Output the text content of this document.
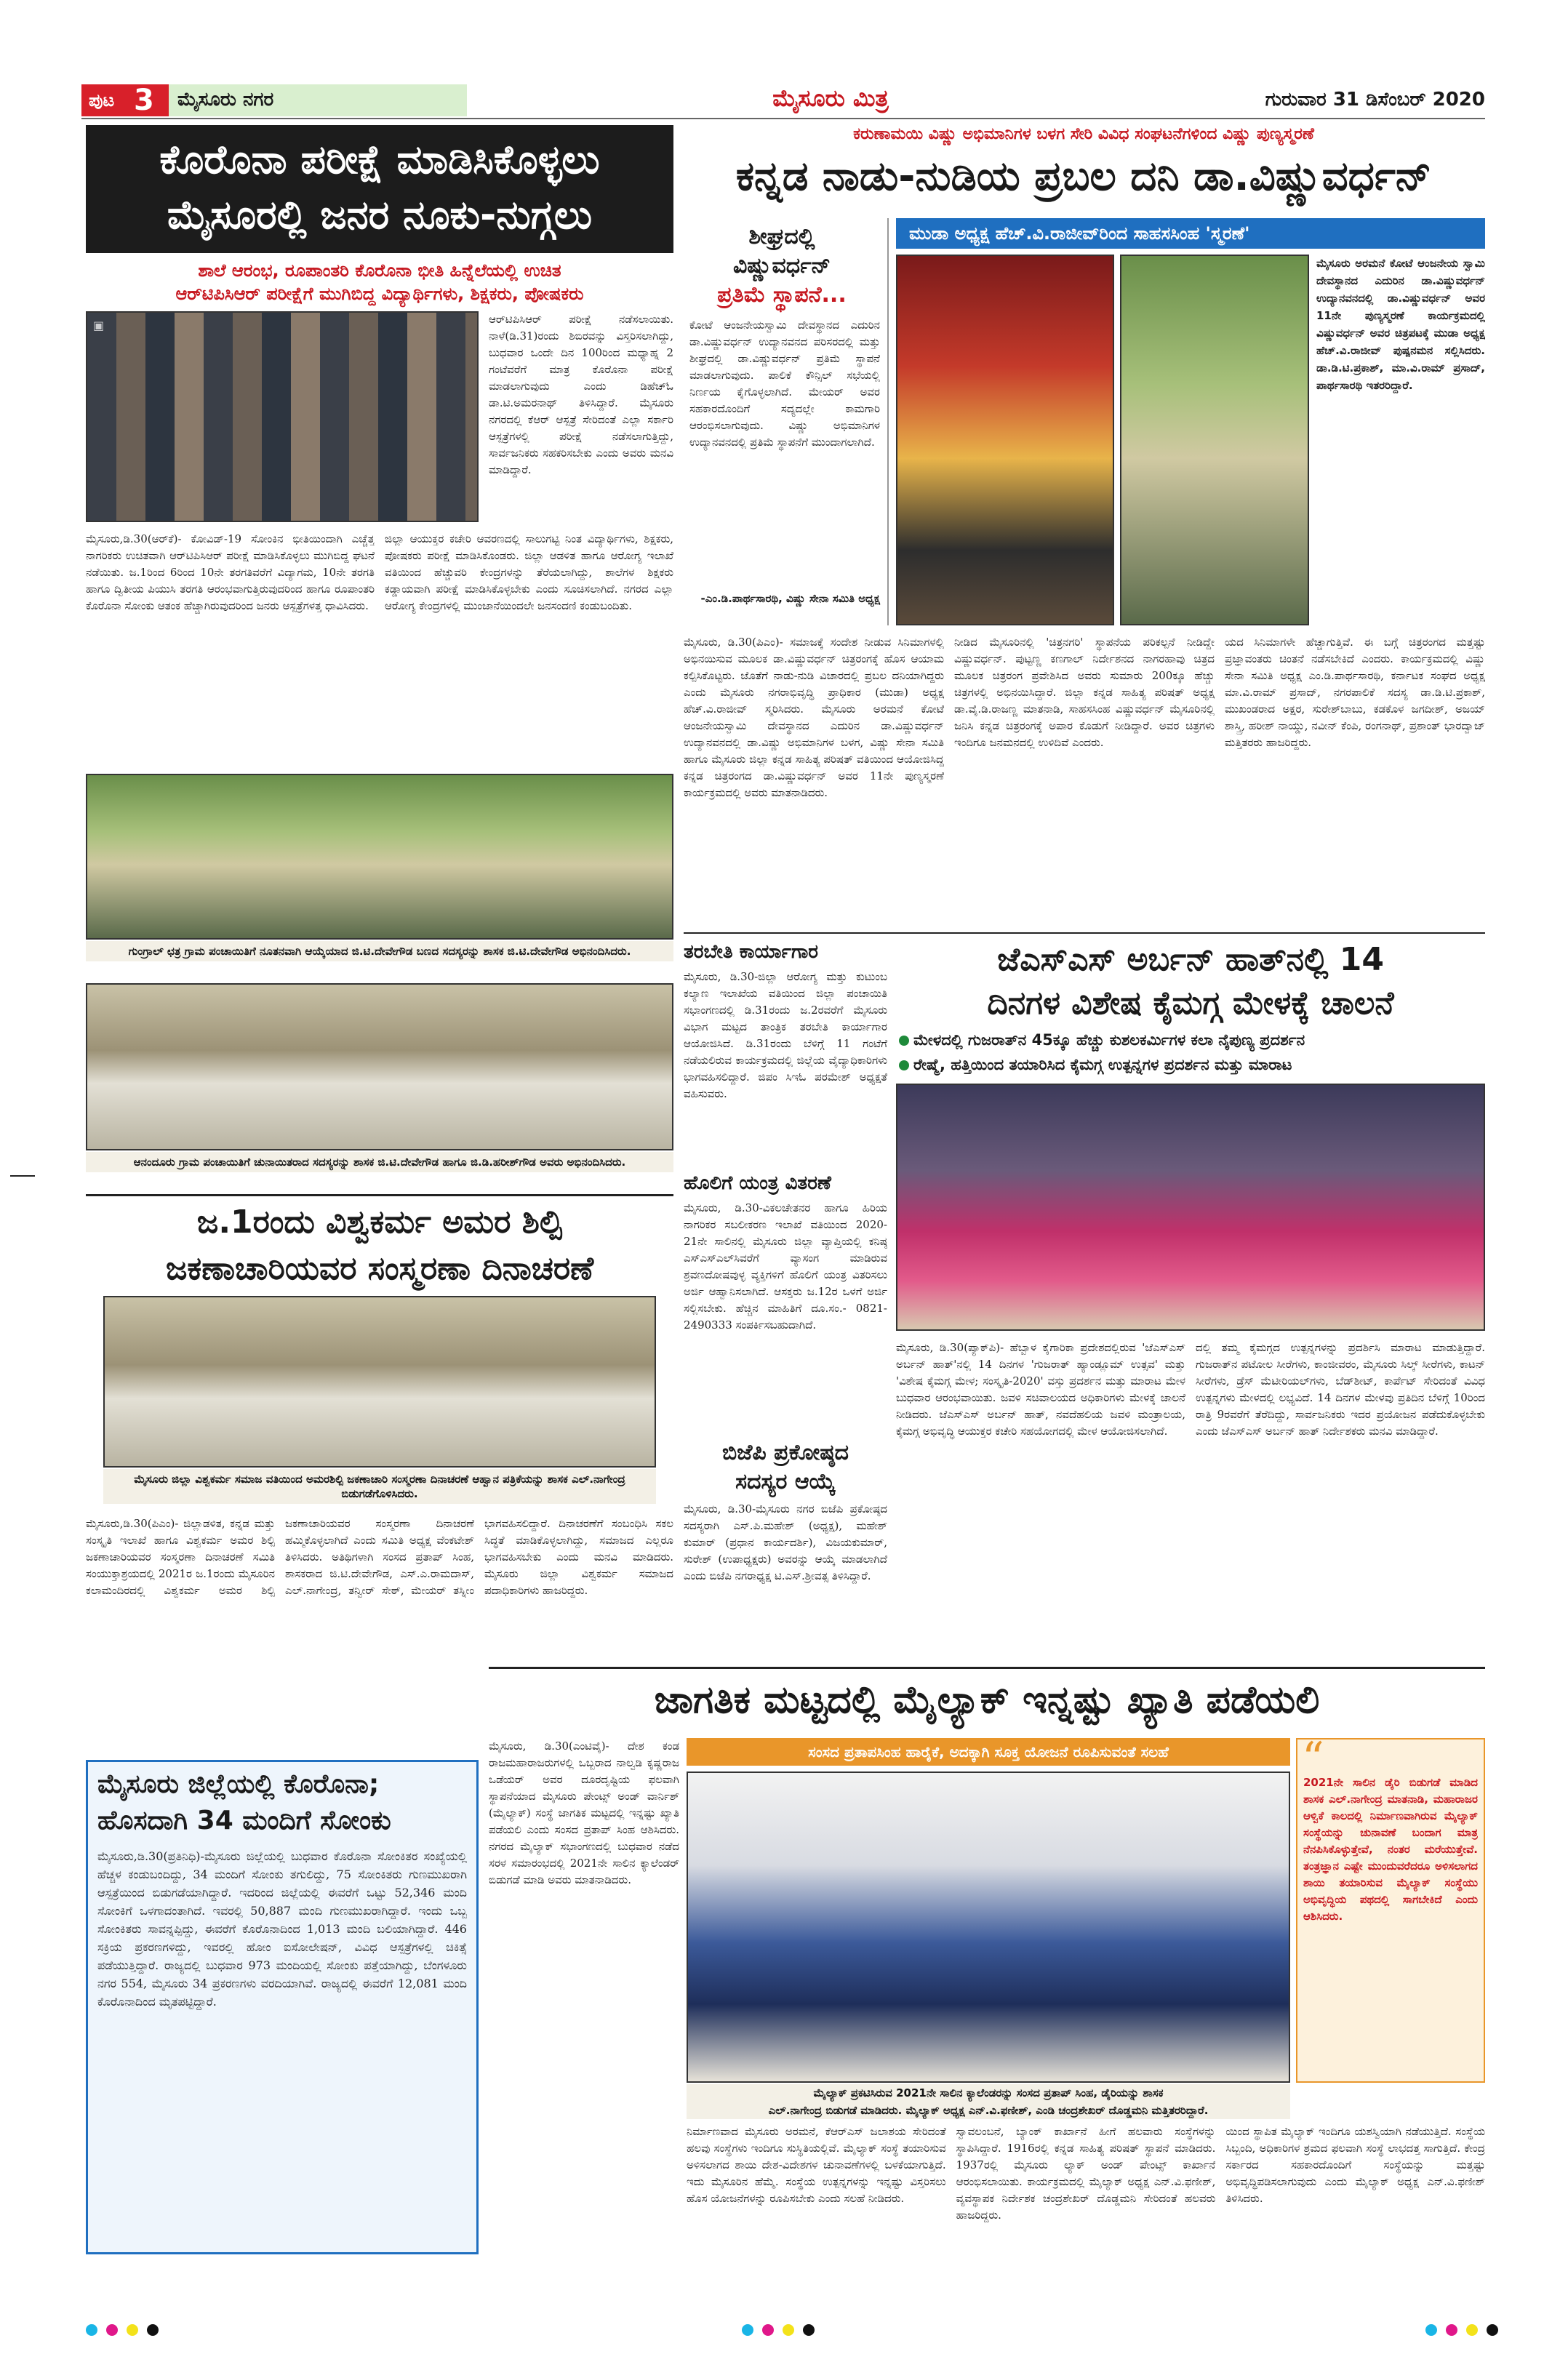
ಪುಟ 3 ಮೈಸೂರು ನಗರ	ಮೈಸೂರು ಮಿತ್ರ	ಗುರುವಾರ 31 ಡಿಸೆಂಬರ್ 2020
ಕೊರೊನಾ ಪರೀಕ್ಷೆ ಮಾಡಿಸಿಕೊಳ್ಳಲು
ಮೈಸೂರಲ್ಲಿ ಜನರ ನೂಕು-ನುಗ್ಗಲು
ಶಾಲೆ ಆರಂಭ, ರೂಪಾಂತರಿ ಕೊರೊನಾ ಭೀತಿ ಹಿನ್ನೆಲೆಯಲ್ಲಿ ಉಚಿತ
ಆರ್‌ಟಿಪಿಸಿಆರ್ ಪರೀಕ್ಷೆಗೆ ಮುಗಿಬಿದ್ದ ವಿದ್ಯಾರ್ಥಿಗಳು, ಶಿಕ್ಷಕರು, ಪೋಷಕರು
▣	ಆರ್‌ಟಿಪಿಸಿಆರ್ ಪರೀಕ್ಷೆ ನಡೆಸಲಾಯಿತು. ನಾಳೆ(ಡಿ.31)ರಂದು ಶಿಬಿರವನ್ನು ವಿಸ್ತರಿಸಲಾಗಿದ್ದು, ಬುಧವಾರ ಒಂದೇ ದಿನ 100ರಿಂದ ಮಧ್ಯಾಹ್ನ 2 ಗಂಟೆವರೆಗೆ ಮಾತ್ರ ಕೊರೊನಾ ಪರೀಕ್ಷೆ ಮಾಡಲಾಗುವುದು ಎಂದು ಡಿಹೆಚ್‌ಓ ಡಾ.ಟಿ.ಅಮರನಾಥ್ ತಿಳಿಸಿದ್ದಾರೆ. ಮೈಸೂರು ನಗರದಲ್ಲಿ ಕೆಆರ್ ಆಸ್ಪತ್ರೆ ಸೇರಿದಂತೆ ಎಲ್ಲಾ ಸರ್ಕಾರಿ ಆಸ್ಪತ್ರೆಗಳಲ್ಲಿ ಪರೀಕ್ಷೆ ನಡೆಸಲಾಗುತ್ತಿದ್ದು, ಸಾರ್ವಜನಿಕರು ಸಹಕರಿಸಬೇಕು ಎಂದು ಅವರು ಮನವಿ ಮಾಡಿದ್ದಾರೆ.

ಮೈಸೂರು,ಡಿ.30(ಆರ್‌ಕೆ)- ಕೋವಿಡ್-19 ಸೋಂಕಿನ ಭೀತಿಯಿಂದಾಗಿ ಎಚ್ಚೆತ್ತ ನಾಗರಿಕರು ಉಚಿತವಾಗಿ ಆರ್‌ಟಿಪಿಸಿಆರ್ ಪರೀಕ್ಷೆ ಮಾಡಿಸಿಕೊಳ್ಳಲು ಮುಗಿಬಿದ್ದ ಘಟನೆ ನಡೆಯಿತು. ಜ.1ರಿಂದ 6ರಿಂದ 10ನೇ ತರಗತಿವರೆಗೆ ವಿದ್ಯಾಗಮ, 10ನೇ ತರಗತಿ ಹಾಗೂ ದ್ವಿತೀಯ ಪಿಯುಸಿ ತರಗತಿ ಆರಂಭವಾಗುತ್ತಿರುವುದರಿಂದ ಹಾಗೂ ರೂಪಾಂತರಿ ಕೊರೊನಾ ಸೋಂಕು ಆತಂಕ ಹೆಚ್ಚಾಗಿರುವುದರಿಂದ ಜನರು ಆಸ್ಪತ್ರೆಗಳತ್ತ ಧಾವಿಸಿದರು.

ಜಿಲ್ಲಾ ಆಯುಕ್ತರ ಕಚೇರಿ ಆವರಣದಲ್ಲಿ ಸಾಲುಗಟ್ಟಿ ನಿಂತ ವಿದ್ಯಾರ್ಥಿಗಳು, ಶಿಕ್ಷಕರು, ಪೋಷಕರು ಪರೀಕ್ಷೆ ಮಾಡಿಸಿಕೊಂಡರು. ಜಿಲ್ಲಾ ಆಡಳಿತ ಹಾಗೂ ಆರೋಗ್ಯ ಇಲಾಖೆ ವತಿಯಿಂದ ಹೆಚ್ಚುವರಿ ಕೇಂದ್ರಗಳನ್ನು ತೆರೆಯಲಾಗಿದ್ದು, ಶಾಲೆಗಳ ಶಿಕ್ಷಕರು ಕಡ್ಡಾಯವಾಗಿ ಪರೀಕ್ಷೆ ಮಾಡಿಸಿಕೊಳ್ಳಬೇಕು ಎಂದು ಸೂಚಿಸಲಾಗಿದೆ. ನಗರದ ಎಲ್ಲಾ ಆರೋಗ್ಯ ಕೇಂದ್ರಗಳಲ್ಲಿ ಮುಂಜಾನೆಯಿಂದಲೇ ಜನಸಂದಣಿ ಕಂಡುಬಂದಿತು.

ಗುಂಗ್ರಾಲ್ ಛತ್ರ ಗ್ರಾಮ ಪಂಚಾಯಿತಿಗೆ ನೂತನವಾಗಿ ಆಯ್ಕೆಯಾದ ಜಿ.ಟಿ.ದೇವೇಗೌಡ ಬಣದ ಸದಸ್ಯರನ್ನು ಶಾಸಕ ಜಿ.ಟಿ.ದೇವೇಗೌಡ ಅಭಿನಂದಿಸಿದರು.
ಆನಂದೂರು ಗ್ರಾಮ ಪಂಚಾಯಿತಿಗೆ ಚುನಾಯಿತರಾದ ಸದಸ್ಯರನ್ನು ಶಾಸಕ ಜಿ.ಟಿ.ದೇವೇಗೌಡ ಹಾಗೂ ಜಿ.ಡಿ.ಹರೀಶ್‌ಗೌಡ ಅವರು ಅಭಿನಂದಿಸಿದರು.
ಜ.1ರಂದು ವಿಶ್ವಕರ್ಮ ಅಮರ ಶಿಲ್ಪಿ
ಜಕಣಾಚಾರಿಯವರ ಸಂಸ್ಮರಣಾ ದಿನಾಚರಣೆ
ಮೈಸೂರು ಜಿಲ್ಲಾ ವಿಶ್ವಕರ್ಮ ಸಮಾಜ ವತಿಯಿಂದ ಅಮರಶಿಲ್ಪಿ ಜಕಣಾಚಾರಿ ಸಂಸ್ಮರಣಾ ದಿನಾಚರಣೆ ಆಹ್ವಾನ ಪತ್ರಿಕೆಯನ್ನು ಶಾಸಕ ಎಲ್.ನಾಗೇಂದ್ರ ಬಿಡುಗಡೆಗೊಳಿಸಿದರು.

ಮೈಸೂರು,ಡಿ.30(ಪಿಎಂ)- ಜಿಲ್ಲಾಡಳಿತ, ಕನ್ನಡ ಮತ್ತು ಸಂಸ್ಕೃತಿ ಇಲಾಖೆ ಹಾಗೂ ವಿಶ್ವಕರ್ಮ ಅಮರ ಶಿಲ್ಪಿ ಜಕಣಾಚಾರಿಯವರ ಸಂಸ್ಮರಣಾ ದಿನಾಚರಣೆ ಸಮಿತಿ ಸಂಯುಕ್ತಾಶ್ರಯದಲ್ಲಿ 2021ರ ಜ.1ರಂದು ಮೈಸೂರಿನ ಕಲಾಮಂದಿರದಲ್ಲಿ ವಿಶ್ವಕರ್ಮ ಅಮರ ಶಿಲ್ಪಿ ಜಕಣಾಚಾರಿಯವರ ಸಂಸ್ಮರಣಾ ದಿನಾಚರಣೆ ಹಮ್ಮಿಕೊಳ್ಳಲಾಗಿದೆ ಎಂದು ಸಮಿತಿ ಅಧ್ಯಕ್ಷ ವೆಂಕಟೇಶ್ ತಿಳಿಸಿದರು. ಅತಿಥಿಗಳಾಗಿ ಸಂಸದ ಪ್ರತಾಪ್ ಸಿಂಹ, ಶಾಸಕರಾದ ಜಿ.ಟಿ.ದೇವೇಗೌಡ, ಎಸ್.ಎ.ರಾಮದಾಸ್, ಎಲ್.ನಾಗೇಂದ್ರ, ತನ್ವೀರ್ ಸೇಠ್, ಮೇಯರ್ ತಸ್ನೀಂ ಭಾಗವಹಿಸಲಿದ್ದಾರೆ. ದಿನಾಚರಣೆಗೆ ಸಂಬಂಧಿಸಿ ಸಕಲ ಸಿದ್ಧತೆ ಮಾಡಿಕೊಳ್ಳಲಾಗಿದ್ದು, ಸಮಾಜದ ಎಲ್ಲರೂ ಭಾಗವಹಿಸಬೇಕು ಎಂದು ಮನವಿ ಮಾಡಿದರು. ಮೈಸೂರು ಜಿಲ್ಲಾ ವಿಶ್ವಕರ್ಮ ಸಮಾಜದ ಪದಾಧಿಕಾರಿಗಳು ಹಾಜರಿದ್ದರು.

ಮೈಸೂರು ಜಿಲ್ಲೆಯಲ್ಲಿ ಕೊರೊನಾ;
ಹೊಸದಾಗಿ 34 ಮಂದಿಗೆ ಸೋಂಕು

ಮೈಸೂರು,ಡಿ.30(ಪ್ರತಿನಿಧಿ)-ಮೈಸೂರು ಜಿಲ್ಲೆಯಲ್ಲಿ ಬುಧವಾರ ಕೊರೊನಾ ಸೋಂಕಿತರ ಸಂಖ್ಯೆಯಲ್ಲಿ ಹೆಚ್ಚಳ ಕಂಡುಬಂದಿದ್ದು, 34 ಮಂದಿಗೆ ಸೋಂಕು ತಗುಲಿದ್ದು, 75 ಸೋಂಕಿತರು ಗುಣಮುಖರಾಗಿ ಆಸ್ಪತ್ರೆಯಿಂದ ಬಿಡುಗಡೆಯಾಗಿದ್ದಾರೆ. ಇದರಿಂದ ಜಿಲ್ಲೆಯಲ್ಲಿ ಈವರೆಗೆ ಒಟ್ಟು 52,346 ಮಂದಿ ಸೋಂಕಿಗೆ ಒಳಗಾದಂತಾಗಿದೆ. ಇವರಲ್ಲಿ 50,887 ಮಂದಿ ಗುಣಮುಖರಾಗಿದ್ದಾರೆ. ಇಂದು ಒಬ್ಬ ಸೋಂಕಿತರು ಸಾವನ್ನಪ್ಪಿದ್ದು, ಈವರೆಗೆ ಕೊರೊನಾದಿಂದ 1,013 ಮಂದಿ ಬಲಿಯಾಗಿದ್ದಾರೆ. 446 ಸಕ್ರಿಯ ಪ್ರಕರಣಗಳಿದ್ದು, ಇವರಲ್ಲಿ ಹೋಂ ಐಸೋಲೇಷನ್, ವಿವಿಧ ಆಸ್ಪತ್ರೆಗಳಲ್ಲಿ ಚಿಕಿತ್ಸೆ ಪಡೆಯುತ್ತಿದ್ದಾರೆ. ರಾಜ್ಯದಲ್ಲಿ ಬುಧವಾರ 973 ಮಂದಿಯಲ್ಲಿ ಸೋಂಕು ಪತ್ತೆಯಾಗಿದ್ದು, ಬೆಂಗಳೂರು ನಗರ 554, ಮೈಸೂರು 34 ಪ್ರಕರಣಗಳು ವರದಿಯಾಗಿವೆ. ರಾಜ್ಯದಲ್ಲಿ ಈವರೆಗೆ 12,081 ಮಂದಿ ಕೊರೊನಾದಿಂದ ಮೃತಪಟ್ಟಿದ್ದಾರೆ.

ಕರುಣಾಮಯಿ ವಿಷ್ಣು ಅಭಿಮಾನಿಗಳ ಬಳಗ ಸೇರಿ ವಿವಿಧ ಸಂಘಟನೆಗಳಿಂದ ವಿಷ್ಣು ಪುಣ್ಯಸ್ಮರಣೆ
ಕನ್ನಡ ನಾಡು-ನುಡಿಯ ಪ್ರಬಲ ದನಿ ಡಾ.ವಿಷ್ಣುವರ್ಧನ್
ಶೀಘ್ರದಲ್ಲಿ
ವಿಷ್ಣುವರ್ಧನ್
ಪ್ರತಿಮೆ ಸ್ಥಾಪನೆ...

ಕೋಟೆ ಆಂಜನೇಯಸ್ವಾಮಿ ದೇವಸ್ಥಾನದ ಎದುರಿನ ಡಾ.ವಿಷ್ಣುವರ್ಧನ್ ಉದ್ಯಾನವನದ ಪರಿಸರದಲ್ಲಿ ಮತ್ತು ಶೀಘ್ರದಲ್ಲಿ ಡಾ.ವಿಷ್ಣುವರ್ಧನ್ ಪ್ರತಿಮೆ ಸ್ಥಾಪನೆ ಮಾಡಲಾಗುವುದು. ಪಾಲಿಕೆ ಕೌನ್ಸಿಲ್ ಸಭೆಯಲ್ಲಿ ನಿರ್ಣಯ ಕೈಗೊಳ್ಳಲಾಗಿದೆ. ಮೇಯರ್ ಅವರ ಸಹಕಾರದೊಂದಿಗೆ ಸದ್ಯದಲ್ಲೇ ಕಾಮಗಾರಿ ಆರಂಭಿಸಲಾಗುವುದು. ವಿಷ್ಣು ಅಭಿಮಾನಿಗಳ ಉದ್ಯಾನವನದಲ್ಲಿ ಪ್ರತಿಮೆ ಸ್ಥಾಪನೆಗೆ ಮುಂದಾಗಲಾಗಿದೆ.

-ಎಂ.ಡಿ.ಪಾರ್ಥಸಾರಥಿ, ವಿಷ್ಣು ಸೇನಾ ಸಮಿತಿ ಅಧ್ಯಕ್ಷ
ಮುಡಾ ಅಧ್ಯಕ್ಷ ಹೆಚ್.ವಿ.ರಾಜೀವ್‌ರಿಂದ ಸಾಹಸಸಿಂಹ 'ಸ್ಮರಣೆ'

ಮೈಸೂರು ಅರಮನೆ ಕೋಟೆ ಆಂಜನೇಯ ಸ್ವಾಮಿ ದೇವಸ್ಥಾನದ ಎದುರಿನ ಡಾ.ವಿಷ್ಣುವರ್ಧನ್ ಉದ್ಯಾನವನದಲ್ಲಿ ಡಾ.ವಿಷ್ಣುವರ್ಧನ್ ಅವರ 11ನೇ ಪುಣ್ಯಸ್ಮರಣೆ ಕಾರ್ಯಕ್ರಮದಲ್ಲಿ ವಿಷ್ಣುವರ್ಧನ್ ಅವರ ಚಿತ್ರಪಟಕ್ಕೆ ಮುಡಾ ಅಧ್ಯಕ್ಷ ಹೆಚ್.ವಿ.ರಾಜೀವ್ ಪುಷ್ಪನಮನ ಸಲ್ಲಿಸಿದರು. ಡಾ.ಡಿ.ಟಿ.ಪ್ರಕಾಶ್, ಮಾ.ವಿ.ರಾಮ್ ಪ್ರಸಾದ್, ಪಾರ್ಥಸಾರಥಿ ಇತರರಿದ್ದಾರೆ.

ಮೈಸೂರು, ಡಿ.30(ಪಿಎಂ)- ಸಮಾಜಕ್ಕೆ ಸಂದೇಶ ನೀಡುವ ಸಿನಿಮಾಗಳಲ್ಲಿ ಅಭಿನಯಿಸುವ ಮೂಲಕ ಡಾ.ವಿಷ್ಣುವರ್ಧನ್ ಚಿತ್ರರಂಗಕ್ಕೆ ಹೊಸ ಆಯಾಮ ಕಲ್ಪಿಸಿಕೊಟ್ಟರು. ಜೊತೆಗೆ ನಾಡು-ನುಡಿ ವಿಚಾರದಲ್ಲಿ ಪ್ರಬಲ ದನಿಯಾಗಿದ್ದರು ಎಂದು ಮೈಸೂರು ನಗರಾಭಿವೃದ್ಧಿ ಪ್ರಾಧಿಕಾರ (ಮುಡಾ) ಅಧ್ಯಕ್ಷ ಹೆಚ್.ವಿ.ರಾಜೀವ್ ಸ್ಮರಿಸಿದರು. ಮೈಸೂರು ಅರಮನೆ ಕೋಟೆ ಆಂಜನೇಯಸ್ವಾಮಿ ದೇವಸ್ಥಾನದ ಎದುರಿನ ಡಾ.ವಿಷ್ಣುವರ್ಧನ್ ಉದ್ಯಾನವನದಲ್ಲಿ ಡಾ.ವಿಷ್ಣು ಅಭಿಮಾನಿಗಳ ಬಳಗ, ವಿಷ್ಣು ಸೇನಾ ಸಮಿತಿ ಹಾಗೂ ಮೈಸೂರು ಜಿಲ್ಲಾ ಕನ್ನಡ ಸಾಹಿತ್ಯ ಪರಿಷತ್ ವತಿಯಿಂದ ಆಯೋಜಿಸಿದ್ದ ಕನ್ನಡ ಚಿತ್ರರಂಗದ ಡಾ.ವಿಷ್ಣುವರ್ಧನ್ ಅವರ 11ನೇ ಪುಣ್ಯಸ್ಮರಣೆ ಕಾರ್ಯಕ್ರಮದಲ್ಲಿ ಅವರು ಮಾತನಾಡಿದರು.

ನೀಡಿದ ಮೈಸೂರಿನಲ್ಲಿ 'ಚಿತ್ರನಗರಿ' ಸ್ಥಾಪನೆಯ ಪರಿಕಲ್ಪನೆ ನೀಡಿದ್ದೇ ವಿಷ್ಣುವರ್ಧನ್. ಪುಟ್ಟಣ್ಣ ಕಣಗಾಲ್ ನಿರ್ದೇಶನದ ನಾಗರಹಾವು ಚಿತ್ರದ ಮೂಲಕ ಚಿತ್ರರಂಗ ಪ್ರವೇಶಿಸಿದ ಅವರು ಸುಮಾರು 200ಕ್ಕೂ ಹೆಚ್ಚು ಚಿತ್ರಗಳಲ್ಲಿ ಅಭಿನಯಿಸಿದ್ದಾರೆ. ಜಿಲ್ಲಾ ಕನ್ನಡ ಸಾಹಿತ್ಯ ಪರಿಷತ್ ಅಧ್ಯಕ್ಷ ಡಾ.ವೈ.ಡಿ.ರಾಜಣ್ಣ ಮಾತನಾಡಿ, ಸಾಹಸಸಿಂಹ ವಿಷ್ಣುವರ್ಧನ್ ಮೈಸೂರಿನಲ್ಲಿ ಜನಿಸಿ ಕನ್ನಡ ಚಿತ್ರರಂಗಕ್ಕೆ ಅಪಾರ ಕೊಡುಗೆ ನೀಡಿದ್ದಾರೆ. ಅವರ ಚಿತ್ರಗಳು ಇಂದಿಗೂ ಜನಮನದಲ್ಲಿ ಉಳಿದಿವೆ ಎಂದರು.

ಯದ ಸಿನಿಮಾಗಳೇ ಹೆಚ್ಚಾಗುತ್ತಿವೆ. ಈ ಬಗ್ಗೆ ಚಿತ್ರರಂಗದ ಮತ್ತಷ್ಟು ಪ್ರಜ್ಞಾವಂತರು ಚಿಂತನೆ ನಡೆಸಬೇಕಿದೆ ಎಂದರು. ಕಾರ್ಯಕ್ರಮದಲ್ಲಿ ವಿಷ್ಣು ಸೇನಾ ಸಮಿತಿ ಅಧ್ಯಕ್ಷ ಎಂ.ಡಿ.ಪಾರ್ಥಸಾರಥಿ, ಕರ್ನಾಟಕ ಸಂಘದ ಅಧ್ಯಕ್ಷ ಮಾ.ವಿ.ರಾಮ್ ಪ್ರಸಾದ್, ನಗರಪಾಲಿಕೆ ಸದಸ್ಯ ಡಾ.ಡಿ.ಟಿ.ಪ್ರಕಾಶ್, ಮುಖಂಡರಾದ ಅಕ್ಷರ, ಸುರೇಶ್‌ಬಾಬು, ಕಡಕೊಳ ಜಗದೀಶ್, ಅಜಯ್ ಶಾಸ್ತ್ರಿ, ಹರೀಶ್ ನಾಯ್ಡು, ನವೀನ್ ಕೆಂಪಿ, ರಂಗನಾಥ್, ಪ್ರಶಾಂತ್ ಭಾರದ್ವಾಜ್ ಮತ್ತಿತರರು ಹಾಜರಿದ್ದರು.

ತರಬೇತಿ ಕಾರ್ಯಾಗಾರ

ಮೈಸೂರು, ಡಿ.30-ಜಿಲ್ಲಾ ಆರೋಗ್ಯ ಮತ್ತು ಕುಟುಂಬ ಕಲ್ಯಾಣ ಇಲಾಖೆಯ ವತಿಯಿಂದ ಜಿಲ್ಲಾ ಪಂಚಾಯಿತಿ ಸಭಾಂಗಣದಲ್ಲಿ ಡಿ.31ರಂದು ಜ.2ರವರೆಗೆ ಮೈಸೂರು ವಿಭಾಗ ಮಟ್ಟದ ತಾಂತ್ರಿಕ ತರಬೇತಿ ಕಾರ್ಯಾಗಾರ ಆಯೋಜಿಸಿದೆ. ಡಿ.31ರಂದು ಬೆಳಿಗ್ಗೆ 11 ಗಂಟೆಗೆ ನಡೆಯಲಿರುವ ಕಾರ್ಯಕ್ರಮದಲ್ಲಿ ಜಿಲ್ಲೆಯ ವೈದ್ಯಾಧಿಕಾರಿಗಳು ಭಾಗವಹಿಸಲಿದ್ದಾರೆ. ಜಿಪಂ ಸಿಇಓ ಪರಮೇಶ್ ಅಧ್ಯಕ್ಷತೆ ವಹಿಸುವರು.

ಹೊಲಿಗೆ ಯಂತ್ರ ವಿತರಣೆ

ಮೈಸೂರು, ಡಿ.30-ವಿಕಲಚೇತನರ ಹಾಗೂ ಹಿರಿಯ ನಾಗರಿಕರ ಸಬಲೀಕರಣ ಇಲಾಖೆ ವತಿಯಿಂದ 2020-21ನೇ ಸಾಲಿನಲ್ಲಿ ಮೈಸೂರು ಜಿಲ್ಲಾ ವ್ಯಾಪ್ತಿಯಲ್ಲಿ ಕನಿಷ್ಠ ಎಸ್‌ಎಸ್‌ಎಲ್‌ಸಿವರೆಗೆ ವ್ಯಾಸಂಗ ಮಾಡಿರುವ ಶ್ರವಣದೋಷವುಳ್ಳ ವ್ಯಕ್ತಿಗಳಿಗೆ ಹೊಲಿಗೆ ಯಂತ್ರ ವಿತರಿಸಲು ಅರ್ಜಿ ಆಹ್ವಾನಿಸಲಾಗಿದೆ. ಆಸಕ್ತರು ಜ.12ರ ಒಳಗೆ ಅರ್ಜಿ ಸಲ್ಲಿಸಬೇಕು. ಹೆಚ್ಚಿನ ಮಾಹಿತಿಗೆ ದೂ.ಸಂ.- 0821-2490333 ಸಂಪರ್ಕಿಸಬಹುದಾಗಿದೆ.

ಬಿಜೆಪಿ ಪ್ರಕೋಷ್ಠದ
ಸದಸ್ಯರ ಆಯ್ಕೆ

ಮೈಸೂರು, ಡಿ.30-ಮೈಸೂರು ನಗರ ಬಿಜೆಪಿ ಪ್ರಕೋಷ್ಠದ ಸದಸ್ಯರಾಗಿ ಎಸ್.ಪಿ.ಮಹೇಶ್ (ಅಧ್ಯಕ್ಷ), ಮಹೇಶ್ ಕುಮಾರ್ (ಪ್ರಧಾನ ಕಾರ್ಯದರ್ಶಿ), ವಿಜಯಕುಮಾರ್, ಸುರೇಶ್ (ಉಪಾಧ್ಯಕ್ಷರು) ಅವರನ್ನು ಆಯ್ಕೆ ಮಾಡಲಾಗಿದೆ ಎಂದು ಬಿಜೆಪಿ ನಗರಾಧ್ಯಕ್ಷ ಟಿ.ಎಸ್.ಶ್ರೀವತ್ಸ ತಿಳಿಸಿದ್ದಾರೆ.

ಜೆಎಸ್‌ಎಸ್ ಅರ್ಬನ್ ಹಾತ್‌ನಲ್ಲಿ 14
ದಿನಗಳ ವಿಶೇಷ ಕೈಮಗ್ಗ ಮೇಳಕ್ಕೆ ಚಾಲನೆ
ಮೇಳದಲ್ಲಿ ಗುಜರಾತ್‌ನ 45ಕ್ಕೂ ಹೆಚ್ಚು ಕುಶಲಕರ್ಮಿಗಳ ಕಲಾ ನೈಪುಣ್ಯ ಪ್ರದರ್ಶನ
ರೇಷ್ಮೆ, ಹತ್ತಿಯಿಂದ ತಯಾರಿಸಿದ ಕೈಮಗ್ಗ ಉತ್ಪನ್ನಗಳ ಪ್ರದರ್ಶನ ಮತ್ತು ಮಾರಾಟ

ಮೈಸೂರು, ಡಿ.30(ಪ್ಯಾಕ್‌ಪಿ)- ಹೆಬ್ಬಾಳ ಕೈಗಾರಿಕಾ ಪ್ರದೇಶದಲ್ಲಿರುವ 'ಜೆಎಸ್‌ಎಸ್ ಅರ್ಬನ್ ಹಾತ್'ನಲ್ಲಿ 14 ದಿನಗಳ 'ಗುಜರಾತ್ ಹ್ಯಾಂಡ್ಲೂಮ್ ಉತ್ಸವ' ಮತ್ತು 'ವಿಶೇಷ ಕೈಮಗ್ಗ ಮೇಳ; ಸಂಸ್ಕೃತಿ-2020' ವಸ್ತು ಪ್ರದರ್ಶನ ಮತ್ತು ಮಾರಾಟ ಮೇಳ ಬುಧವಾರ ಆರಂಭವಾಯಿತು. ಜವಳಿ ಸಚಿವಾಲಯದ ಅಧಿಕಾರಿಗಳು ಮೇಳಕ್ಕೆ ಚಾಲನೆ ನೀಡಿದರು. ಜೆಎಸ್‌ಎಸ್ ಅರ್ಬನ್ ಹಾತ್, ನವದೆಹಲಿಯ ಜವಳಿ ಮಂತ್ರಾಲಯ, ಕೈಮಗ್ಗ ಅಭಿವೃದ್ಧಿ ಆಯುಕ್ತರ ಕಚೇರಿ ಸಹಯೋಗದಲ್ಲಿ ಮೇಳ ಆಯೋಜಿಸಲಾಗಿದೆ.

ದಲ್ಲಿ ತಮ್ಮ ಕೈಮಗ್ಗದ ಉತ್ಪನ್ನಗಳನ್ನು ಪ್ರದರ್ಶಿಸಿ ಮಾರಾಟ ಮಾಡುತ್ತಿದ್ದಾರೆ. ಗುಜರಾತ್‌ನ ಪಟೋಲ ಸೀರೆಗಳು, ಕಾಂಜೀವರಂ, ಮೈಸೂರು ಸಿಲ್ಕ್ ಸೀರೆಗಳು, ಕಾಟನ್ ಸೀರೆಗಳು, ಡ್ರೆಸ್ ಮೆಟೀರಿಯಲ್‌ಗಳು, ಬೆಡ್‌ಶೀಟ್, ಕಾರ್ಪೆಟ್ ಸೇರಿದಂತೆ ವಿವಿಧ ಉತ್ಪನ್ನಗಳು ಮೇಳದಲ್ಲಿ ಲಭ್ಯವಿದೆ. 14 ದಿನಗಳ ಮೇಳವು ಪ್ರತಿದಿನ ಬೆಳಿಗ್ಗೆ 10ರಿಂದ ರಾತ್ರಿ 9ರವರೆಗೆ ತೆರೆದಿದ್ದು, ಸಾರ್ವಜನಿಕರು ಇದರ ಪ್ರಯೋಜನ ಪಡೆದುಕೊಳ್ಳಬೇಕು ಎಂದು ಜೆಎಸ್‌ಎಸ್ ಅರ್ಬನ್ ಹಾತ್ ನಿರ್ದೇಶಕರು ಮನವಿ ಮಾಡಿದ್ದಾರೆ.

ಜಾಗತಿಕ ಮಟ್ಟದಲ್ಲಿ ಮೈಲ್ಯಾಕ್ ಇನ್ನಷ್ಟು ಖ್ಯಾತಿ ಪಡೆಯಲಿ

ಮೈಸೂರು, ಡಿ.30(ಎಂಟಿವೈ)- ದೇಶ ಕಂಡ ರಾಜಮಹಾರಾಜರುಗಳಲ್ಲಿ ಒಬ್ಬರಾದ ನಾಲ್ವಡಿ ಕೃಷ್ಣರಾಜ ಒಡೆಯರ್ ಅವರ ದೂರದೃಷ್ಟಿಯ ಫಲವಾಗಿ ಸ್ಥಾಪನೆಯಾದ ಮೈಸೂರು ಪೇಂಟ್ಸ್ ಅಂಡ್ ವಾರ್ನಿಶ್ (ಮೈಲ್ಯಾಕ್) ಸಂಸ್ಥೆ ಜಾಗತಿಕ ಮಟ್ಟದಲ್ಲಿ ಇನ್ನಷ್ಟು ಖ್ಯಾತಿ ಪಡೆಯಲಿ ಎಂದು ಸಂಸದ ಪ್ರತಾಪ್ ಸಿಂಹ ಆಶಿಸಿದರು. ನಗರದ ಮೈಲ್ಯಾಕ್ ಸಭಾಂಗಣದಲ್ಲಿ ಬುಧವಾರ ನಡೆದ ಸರಳ ಸಮಾರಂಭದಲ್ಲಿ 2021ನೇ ಸಾಲಿನ ಕ್ಯಾಲೆಂಡರ್ ಬಿಡುಗಡೆ ಮಾಡಿ ಅವರು ಮಾತನಾಡಿದರು.

ಸಂಸದ ಪ್ರತಾಪಸಿಂಹ ಹಾರೈಕೆ, ಅದಕ್ಕಾಗಿ ಸೂಕ್ತ ಯೋಜನೆ ರೂಪಿಸುವಂತೆ ಸಲಹೆ
ಮೈಲ್ಯಾಕ್ ಪ್ರಕಟಿಸಿರುವ 2021ನೇ ಸಾಲಿನ ಕ್ಯಾಲೆಂಡರನ್ನು ಸಂಸದ ಪ್ರತಾಪ್ ಸಿಂಹ, ಡೈರಿಯನ್ನು ಶಾಸಕ
ಎಲ್.ನಾಗೇಂದ್ರ ಬಿಡುಗಡೆ ಮಾಡಿದರು. ಮೈಲ್ಯಾಕ್ ಅಧ್ಯಕ್ಷ ಎನ್.ವಿ.ಫಣೀಶ್, ಎಂಡಿ ಚಂದ್ರಶೇಖರ್ ದೊಡ್ಡಮನಿ ಮತ್ತಿತರರಿದ್ದಾರೆ.
“

2021ನೇ ಸಾಲಿನ ಡೈರಿ ಬಿಡುಗಡೆ ಮಾಡಿದ ಶಾಸಕ ಎಲ್.ನಾಗೇಂದ್ರ ಮಾತನಾಡಿ, ಮಹಾರಾಜರ ಆಳ್ವಿಕೆ ಕಾಲದಲ್ಲಿ ನಿರ್ಮಾಣವಾಗಿರುವ ಮೈಲ್ಯಾಕ್ ಸಂಸ್ಥೆಯನ್ನು ಚುನಾವಣೆ ಬಂದಾಗ ಮಾತ್ರ ನೆನಪಿಸಿಕೊಳ್ಳುತ್ತೇವೆ, ನಂತರ ಮರೆಯುತ್ತೇವೆ. ತಂತ್ರಜ್ಞಾನ ಎಷ್ಟೇ ಮುಂದುವರೆದರೂ ಅಳಿಸಲಾಗದ ಶಾಯಿ ತಯಾರಿಸುವ ಮೈಲ್ಯಾಕ್ ಸಂಸ್ಥೆಯು ಅಭಿವೃದ್ಧಿಯ ಪಥದಲ್ಲಿ ಸಾಗಬೇಕಿದೆ ಎಂದು ಆಶಿಸಿದರು.

ನಿರ್ಮಾಣವಾದ ಮೈಸೂರು ಅರಮನೆ, ಕೆಆರ್‌ಎಸ್ ಜಲಾಶಯ ಸೇರಿದಂತೆ ಹಲವು ಸಂಸ್ಥೆಗಳು ಇಂದಿಗೂ ಸುಸ್ಥಿತಿಯಲ್ಲಿವೆ. ಮೈಲ್ಯಾಕ್ ಸಂಸ್ಥೆ ತಯಾರಿಸುವ ಅಳಿಸಲಾಗದ ಶಾಯಿ ದೇಶ-ವಿದೇಶಗಳ ಚುನಾವಣೆಗಳಲ್ಲಿ ಬಳಕೆಯಾಗುತ್ತಿದೆ. ಇದು ಮೈಸೂರಿನ ಹೆಮ್ಮೆ. ಸಂಸ್ಥೆಯ ಉತ್ಪನ್ನಗಳನ್ನು ಇನ್ನಷ್ಟು ವಿಸ್ತರಿಸಲು ಹೊಸ ಯೋಜನೆಗಳನ್ನು ರೂಪಿಸಬೇಕು ಎಂದು ಸಲಹೆ ನೀಡಿದರು.

ಸ್ವಾವಲಂಬನೆ, ಬ್ಯಾಂಕ್ ಕಾರ್ಖಾನೆ ಹೀಗೆ ಹಲವಾರು ಸಂಸ್ಥೆಗಳನ್ನು ಸ್ಥಾಪಿಸಿದ್ದಾರೆ. 1916ರಲ್ಲಿ ಕನ್ನಡ ಸಾಹಿತ್ಯ ಪರಿಷತ್ ಸ್ಥಾಪನೆ ಮಾಡಿದರು. 1937ರಲ್ಲಿ ಮೈಸೂರು ಲ್ಯಾಕ್ ಅಂಡ್ ಪೇಂಟ್ಸ್ ಕಾರ್ಖಾನೆ ಆರಂಭಿಸಲಾಯಿತು. ಕಾರ್ಯಕ್ರಮದಲ್ಲಿ ಮೈಲ್ಯಾಕ್ ಅಧ್ಯಕ್ಷ ಎನ್.ವಿ.ಫಣೀಶ್, ವ್ಯವಸ್ಥಾಪಕ ನಿರ್ದೇಶಕ ಚಂದ್ರಶೇಖರ್ ದೊಡ್ಡಮನಿ ಸೇರಿದಂತೆ ಹಲವರು ಹಾಜರಿದ್ದರು.

ಯಿಂದ ಸ್ಥಾಪಿತ ಮೈಲ್ಯಾಕ್ ಇಂದಿಗೂ ಯಶಸ್ವಿಯಾಗಿ ನಡೆಯುತ್ತಿದೆ. ಸಂಸ್ಥೆಯ ಸಿಬ್ಬಂದಿ, ಅಧಿಕಾರಿಗಳ ಶ್ರಮದ ಫಲವಾಗಿ ಸಂಸ್ಥೆ ಲಾಭದತ್ತ ಸಾಗುತ್ತಿದೆ. ಕೇಂದ್ರ ಸರ್ಕಾರದ ಸಹಕಾರದೊಂದಿಗೆ ಸಂಸ್ಥೆಯನ್ನು ಮತ್ತಷ್ಟು ಅಭಿವೃದ್ಧಿಪಡಿಸಲಾಗುವುದು ಎಂದು ಮೈಲ್ಯಾಕ್ ಅಧ್ಯಕ್ಷ ಎನ್.ವಿ.ಫಣೀಶ್ ತಿಳಿಸಿದರು.
